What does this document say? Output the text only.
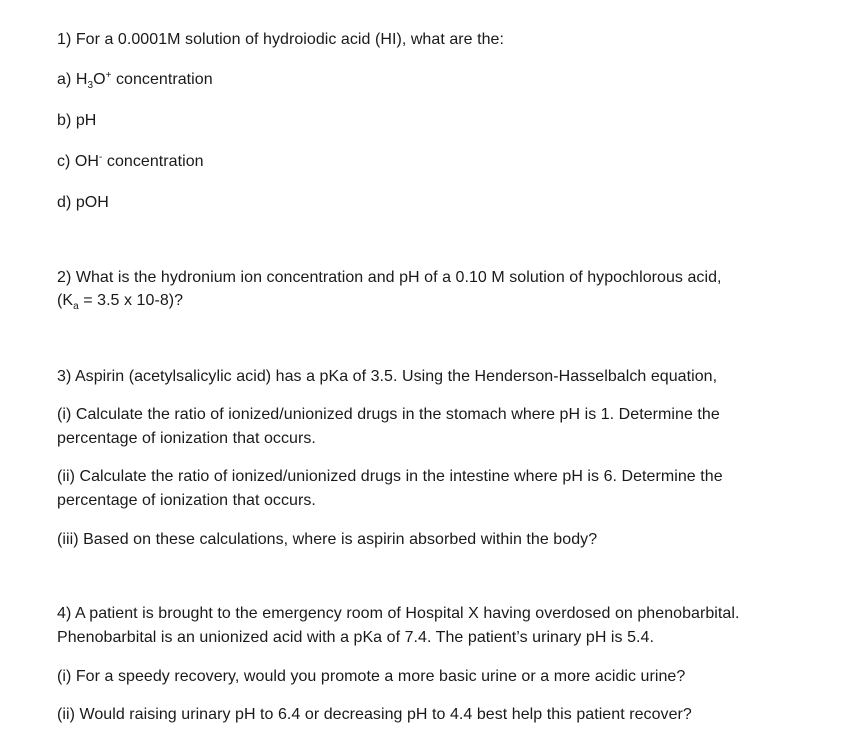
1) For a 0.0001M solution of hydroiodic acid (HI), what are the:
a) $H_3O^+$ concentration
b) pH
c) OH- concentration
d) pOH
2) What is the hydronium ion concentration and pH of a 0.10 M solution of hypochlorous acid,
($K_a = 3.5$ x 10-8)?
3) Aspirin (acetylsalicylic acid) has a pKa of 3.5. Using the Henderson-Hasselbalch equation,
(i) Calculate the ratio of ionized/unionized drugs in the stomach where pH is 1. Determine the
percentage of ionization that occurs.
(ii) Calculate the ratio of ionized/unionized drugs in the intestine where pH is 6. Determine the
percentage of ionization that occurs.
(iii) Based on these calculations, where is aspirin absorbed within the body?
4) A patient is brought to the emergency room of Hospital X having overdosed on phenobarbital.
Phenobarbital is an unionized acid with a pKa of 7.4. The patient’s urinary pH is 5.4.
(i) For a speedy recovery, would you promote a more basic urine or a more acidic urine?
(ii) Would raising urinary pH to 6.4 or decreasing pH to 4.4 best help this patient recover?
